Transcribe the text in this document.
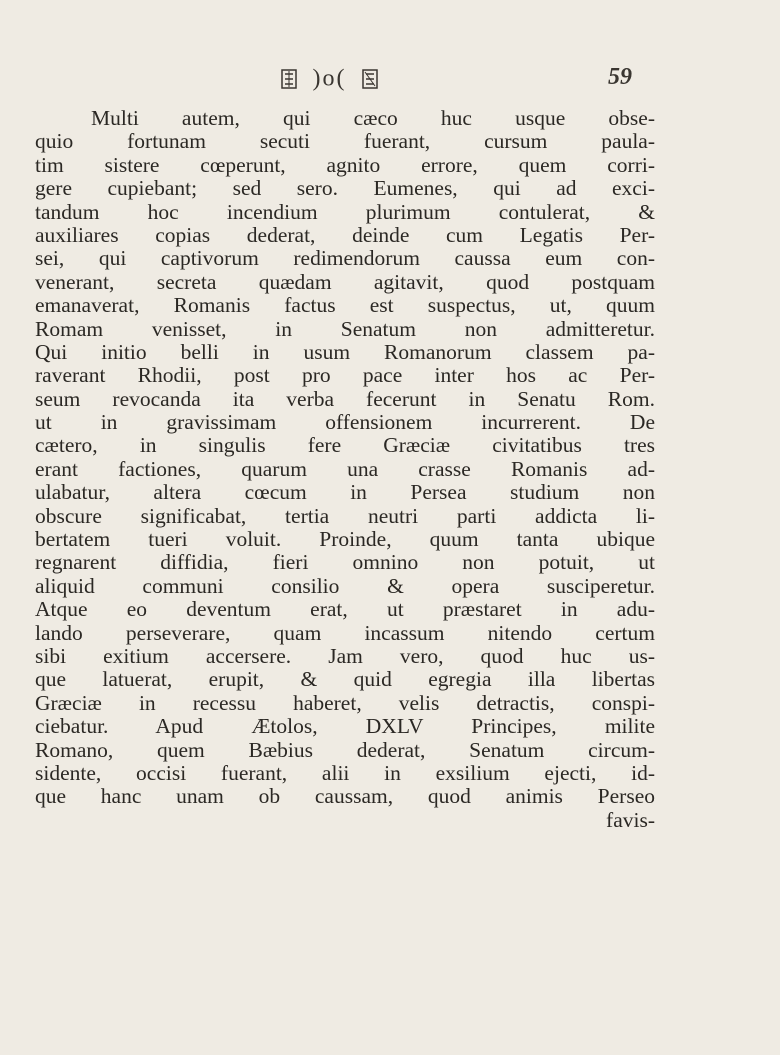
)o(	59
Multi autem, qui cæco huc usque obse-
quio fortunam secuti fuerant, cursum paula-
tim sistere cœperunt, agnito errore, quem corri-
gere cupiebant; sed sero. Eumenes, qui ad exci-
tandum hoc incendium plurimum contulerat, &
auxiliares copias dederat, deinde cum Legatis Per-
sei, qui captivorum redimendorum caussa eum con-
venerant, secreta quædam agitavit, quod postquam
emanaverat, Romanis factus est suspectus, ut, quum
Romam venisset, in Senatum non admitteretur.
Qui initio belli in usum Romanorum classem pa-
raverant Rhodii, post pro pace inter hos ac Per-
seum revocanda ita verba fecerunt in Senatu Rom.
ut in gravissimam offensionem incurrerent. De
cætero, in singulis fere Græciæ civitatibus tres
erant factiones, quarum una crasse Romanis ad-
ulabatur, altera cœcum in Persea studium non
obscure significabat, tertia neutri parti addicta li-
bertatem tueri voluit. Proinde, quum tanta ubique
regnarent diffidia, fieri omnino non potuit, ut
aliquid communi consilio & opera susciperetur.
Atque eo deventum erat, ut præstaret in adu-
lando perseverare, quam incassum nitendo certum
sibi exitium accersere. Jam vero, quod huc us-
que latuerat, erupit, & quid egregia illa libertas
Græciæ in recessu haberet, velis detractis, conspi-
ciebatur. Apud Ætolos, DXLV Principes, milite
Romano, quem Bæbius dederat, Senatum circum-
sidente, occisi fuerant, alii in exsilium ejecti, id-
que hanc unam ob caussam, quod animis Perseo
favis-
